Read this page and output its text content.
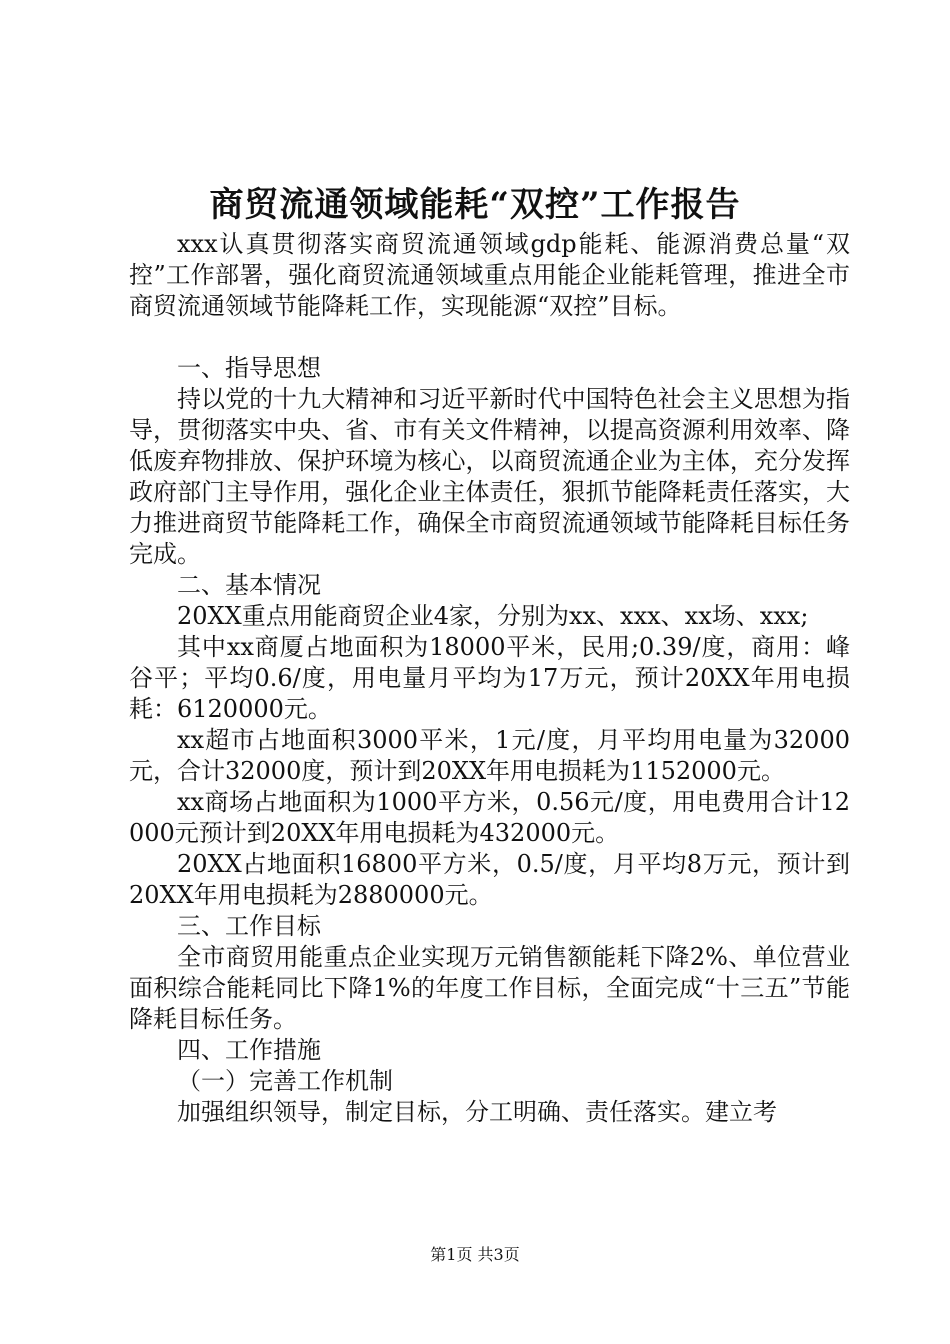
商贸流通领域能耗“双控”工作报告

xxx认真贯彻落实商贸流通领域gdp能耗、能源消费总量“双控”工作部署，强化商贸流通领域重点用能企业能耗管理，推进全市商贸流通领域节能降耗工作，实现能源“双控”目标。

一、指导思想

持以党的十九大精神和习近平新时代中国特色社会主义思想为指导，贯彻落实中央、省、市有关文件精神，以提高资源利用效率、降低废弃物排放、保护环境为核心，以商贸流通企业为主体，充分发挥政府部门主导作用，强化企业主体责任，狠抓节能降耗责任落实，大力推进商贸节能降耗工作，确保全市商贸流通领域节能降耗目标任务完成。

二、基本情况

20XX重点用能商贸企业4家，分别为xx、xxx、xx场、xxx;

其中xx商厦占地面积为18000平米，民用;0.39/度，商用：峰谷平；平均0.6/度，用电量月平均为17万元，预计20XX年用电损耗：6120000元。

xx超市占地面积3000平米，1元/度，月平均用电量为32000元，合计32000度，预计到20XX年用电损耗为1152000元。

xx商场占地面积为1000平方米，0.56元/度，用电费用合计12000元预计到20XX年用电损耗为432000元。

20XX占地面积16800平方米，0.5/度，月平均8万元，预计到20XX年用电损耗为2880000元。

三、工作目标

全市商贸用能重点企业实现万元销售额能耗下降2%、单位营业面积综合能耗同比下降1%的年度工作目标，全面完成“十三五”节能降耗目标任务。

四、工作措施

（一）完善工作机制

加强组织领导，制定目标，分工明确、责任落实。建立考

第1页 共3页
